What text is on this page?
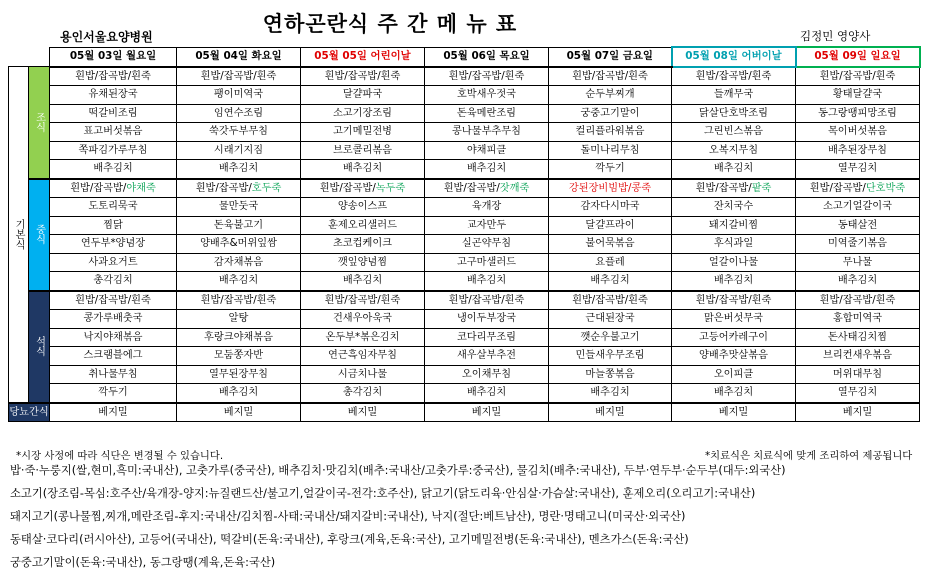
용인서울요양병원
연하곤란식 주 간 메 뉴 표	김정민 영양사
		05월 03일 월요일	05월 04일 화요일	05월 05일 어린이날	05월 06일 목요일	05월 07일 금요일	05월 08일 어버이날	05월 09일 일요일
기본식	조식	흰밥/잡곡밥/흰죽	흰밥/잡곡밥/흰죽	흰밥/잡곡밥/흰죽	흰밥/잡곡밥/흰죽	흰밥/잡곡밥/흰죽	흰밥/잡곡밥/흰죽	흰밥/잡곡밥/흰죽
		유채된장국	팽이미역국	달걀파국	호박새우젓국	순두부찌개	들깨무국	황태달걀국
		떡갈비조림	임연수조림	소고기장조림	돈육메란조림	궁중고기말이	닭살단호박조림	동그랑땡피망조림
		표고버섯볶음	쑥갓두부무침	고기메밀전병	콩나물부추무침	컬리플라워볶음	그린빈스볶음	목이버섯볶음
		쪽파김가루무침	시래기지짐	브로콜리볶음	야채피클	돌미나리무침	오복지무침	배추된장무침
		배추김치	배추김치	배추김치	배추김치	깍두기	배추김치	열무김치
	중식	흰밥/잡곡밥/야채죽	흰밥/잡곡밥/호두죽	흰밥/잡곡밥/녹두죽	흰밥/잡곡밥/잣깨죽	강된장비빔밥/콩죽	흰밥/잡곡밥/팥죽	흰밥/잡곡밥/단호박죽
		도토리묵국	물만둣국	양송이스프	육개장	감자다시마국	잔치국수	소고기얼갈이국
		찜닭	돈육불고기	훈제오리샐러드	교자만두	달걀프라이	돼지갈비찜	동태살전
		연두부*양념장	양배추&머위잎쌈	초코컵케이크	실곤약무침	불어묵볶음	후식과일	미역줄기볶음
		사과요거트	감자채볶음	깻잎양념찜	고구마샐러드	요플레	얼갈이나물	무나물
		총각김치	배추김치	배추김치	배추김치	배추김치	배추김치	배추김치
	석식	흰밥/잡곡밥/흰죽	흰밥/잡곡밥/흰죽	흰밥/잡곡밥/흰죽	흰밥/잡곡밥/흰죽	흰밥/잡곡밥/흰죽	흰밥/잡곡밥/흰죽	흰밥/잡곡밥/흰죽
		콩가루배춧국	알탕	건새우아욱국	냉이두부장국	근대된장국	맑은버섯무국	홍합미역국
		낙지야채볶음	후랑크야채볶음	온두부*볶은김치	코다리무조림	깻순우불고기	고등어카레구이	돈사태김치찜
		스크램블에그	모둠쫑자반	연근흑임자무침	새우살부추전	민들새우무조림	양배추맛살볶음	브리컨새우볶음
		취나물무침	열무된장무침	시금치나물	오이채무침	마늘쫑볶음	오이피클	머위대무침
		깍두기	배추김치	총각김치	배추김치	배추김치	배추김치	열무김치
당뇨간식		베지밀	베지밀	베지밀	베지밀	베지밀	베지밀	베지밀
*시장 사정에 따라 식단은 변경될 수 있습니다.	*치료식은 치료식에 맞게 조리하여 제공됩니다
밥·죽·누룽지(쌀,현미,흑미:국내산), 고춧가루(중국산), 배추김치·맛김치(배추:국내산/고춧가루:중국산), 물김치(배추:국내산), 두부·연두부·순두부(대두:외국산)
소고기(장조림-목심:호주산/육개장-양지:뉴질랜드산/불고기,얼갈이국-전각:호주산), 닭고기(닭도리육·안심살·가슴살:국내산), 훈제오리(오리고기:국내산)
돼지고기(콩나물찜,찌개,메란조림-후지:국내산/김치찜-사태:국내산/돼지갈비:국내산), 낙지(절단:베트남산), 명란·명태고니(미국산·외국산)
동태살·코다리(러시아산), 고등어(국내산), 떡갈비(돈육:국내산), 후랑크(계육,돈육:국산), 고기메밀전병(돈육:국내산), 멘츠가스(돈육:국산)
궁중고기말이(돈육:국내산), 동그랑땡(계육,돈육:국산)
